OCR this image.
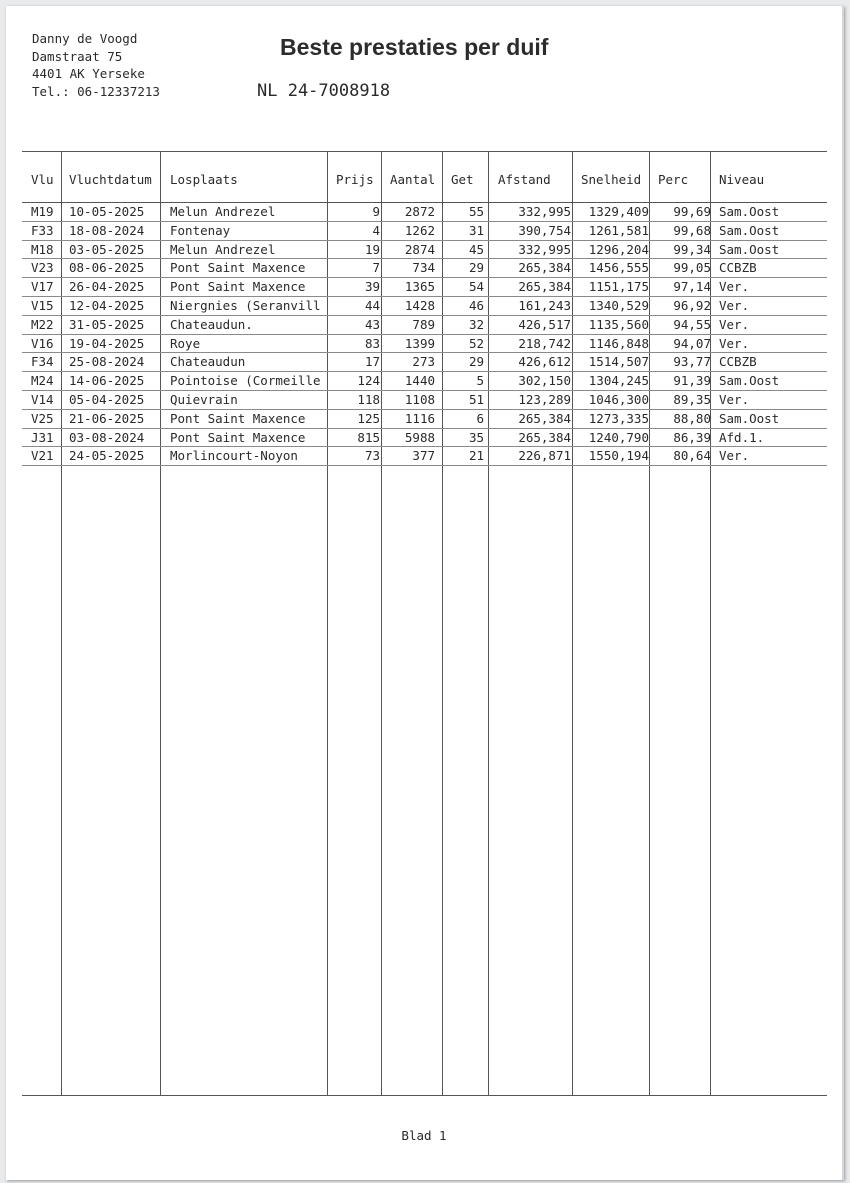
Danny de Voogd
Damstraat 75
4401 AK Yerseke
Tel.: 06-12337213
Beste prestaties per duif
NL 24-7008918
Vlu Vluchtdatum Losplaats	Prijs Aantal Get Afstand Snelheid Perc Niveau
M19	10-05-2025	Melun Andrezel	9	2872	55	332,995	1329,409	99,69 Sam.Oost
F33	18-08-2024	Fontenay	4	1262	31	390,754	1261,581	99,68 Sam.Oost
M18	03-05-2025	Melun Andrezel	19	2874	45	332,995	1296,204	99,34 Sam.Oost
V23	08-06-2025	Pont Saint Maxence	7	734	29	265,384	1456,555	99,05 CCBZB
V17	26-04-2025	Pont Saint Maxence	39	1365	54	265,384	1151,175	97,14 Ver.
V15	12-04-2025	Niergnies (Seranvill	44	1428	46	161,243	1340,529	96,92 Ver.
M22	31-05-2025	Chateaudun.	43	789	32	426,517	1135,560	94,55 Ver.
V16	19-04-2025	Roye	83	1399	52	218,742	1146,848	94,07 Ver.
F34	25-08-2024	Chateaudun	17	273	29	426,612	1514,507	93,77 CCBZB
M24	14-06-2025	Pointoise (Cormeille	124	1440	5	302,150	1304,245	91,39 Sam.Oost
V14	05-04-2025	Quievrain	118	1108	51	123,289	1046,300	89,35 Ver.
V25	21-06-2025	Pont Saint Maxence	125	1116	6	265,384	1273,335	88,80 Sam.Oost
J31	03-08-2024	Pont Saint Maxence	815	5988	35	265,384	1240,790	86,39 Afd.1.
V21	24-05-2025	Morlincourt-Noyon	73	377	21	226,871	1550,194	80,64 Ver.
Blad 1
